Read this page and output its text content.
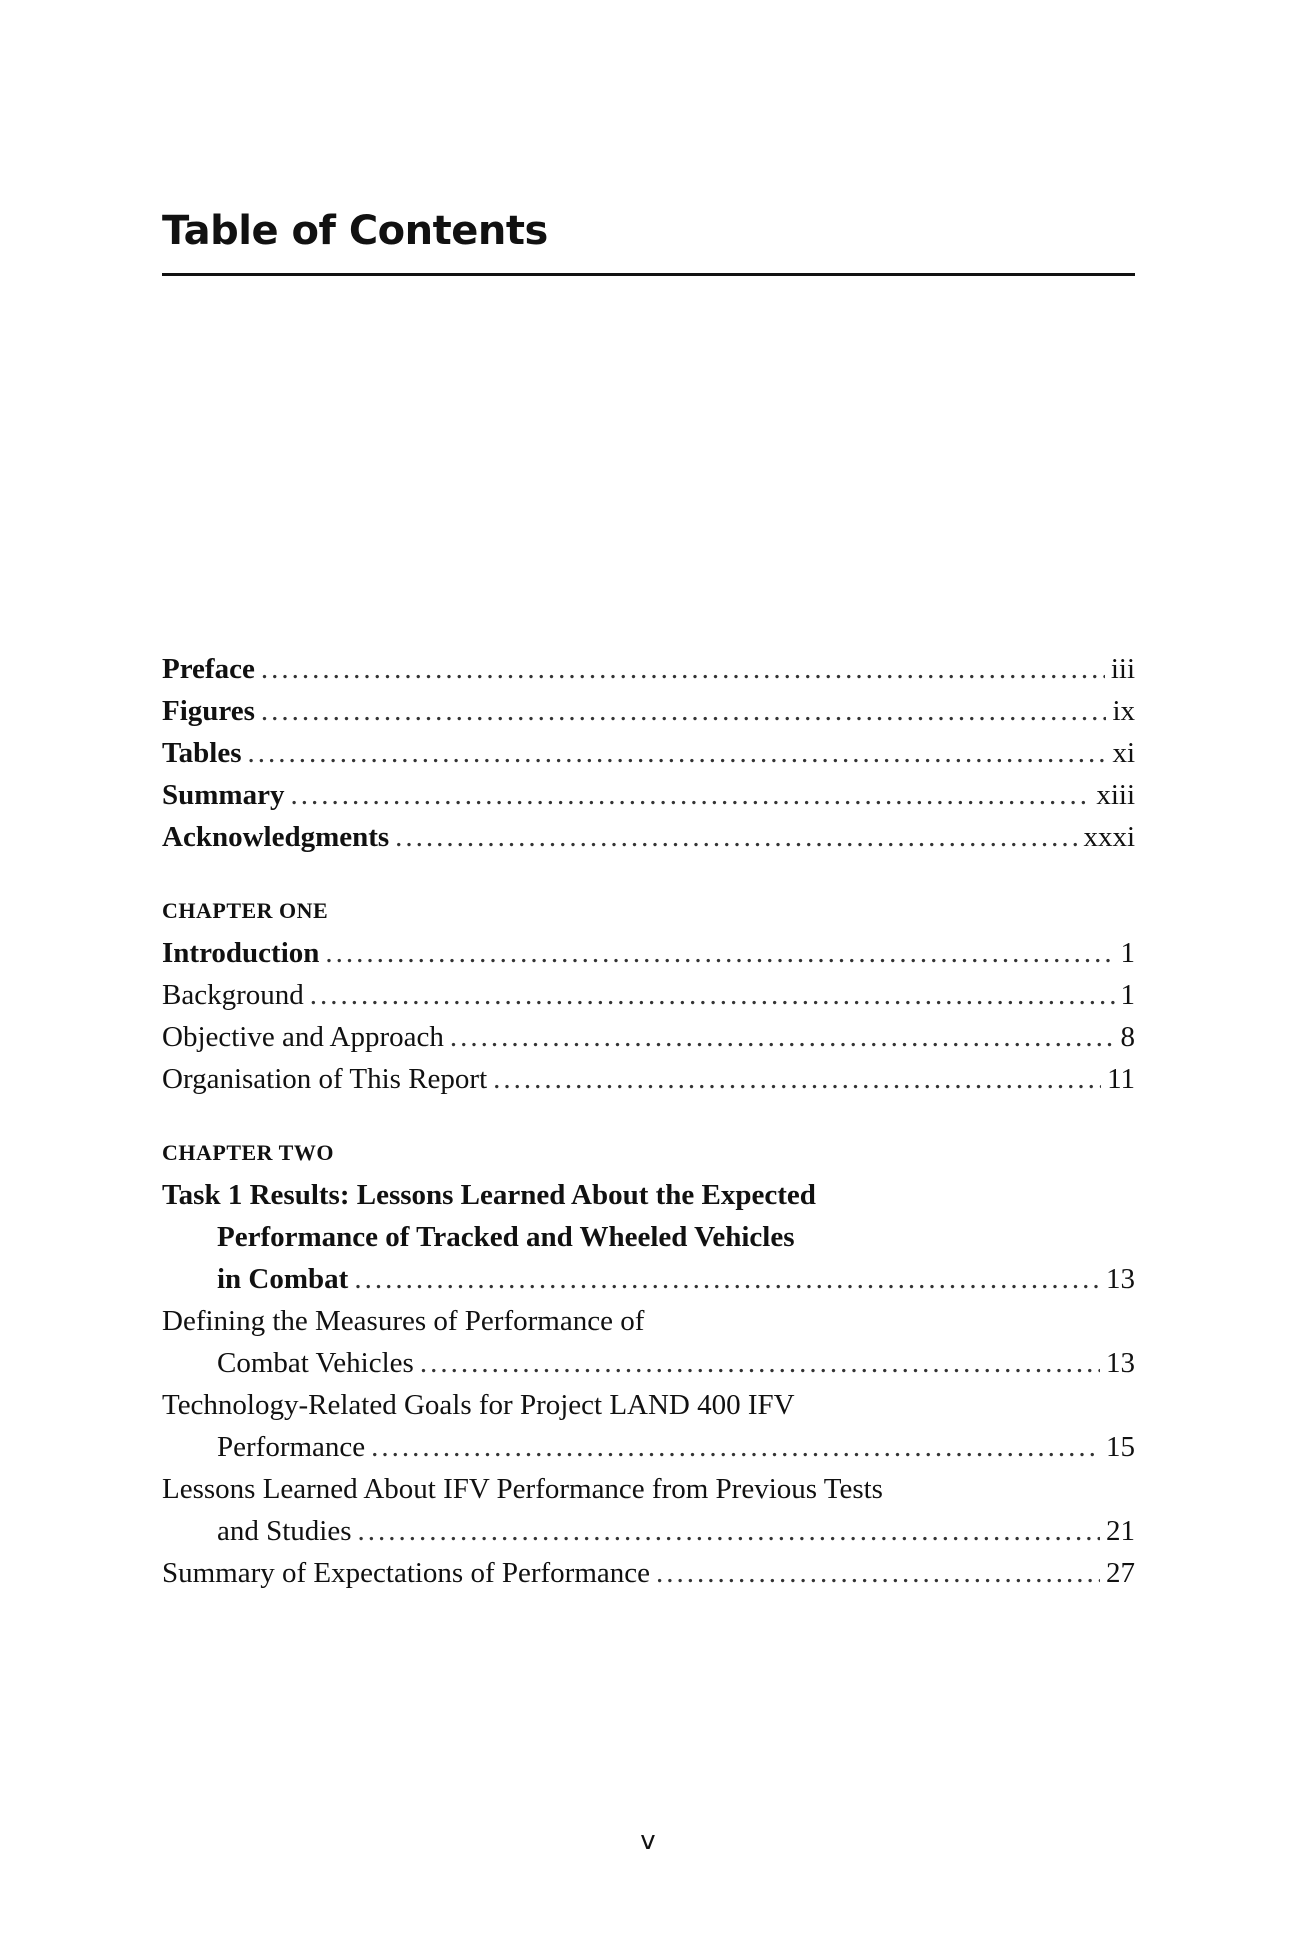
Table of Contents
Preface .....	iii
Figures .....	ix
Tables .....	xi
Summary .....	xiii
Acknowledgments .....	xxxi
CHAPTER ONE
Introduction .....	1
Background .....	1
Objective and Approach .....	8
Organisation of This Report .....	11
CHAPTER TWO
Task 1 Results: Lessons Learned About the Expected
Performance of Tracked and Wheeled Vehicles
in Combat .....	13
Defining the Measures of Performance of
Combat Vehicles .....	13
Technology-Related Goals for Project LAND 400 IFV
Performance .....	15
Lessons Learned About IFV Performance from Previous Tests
and Studies .....	21
Summary of Expectations of Performance .....	27
v
